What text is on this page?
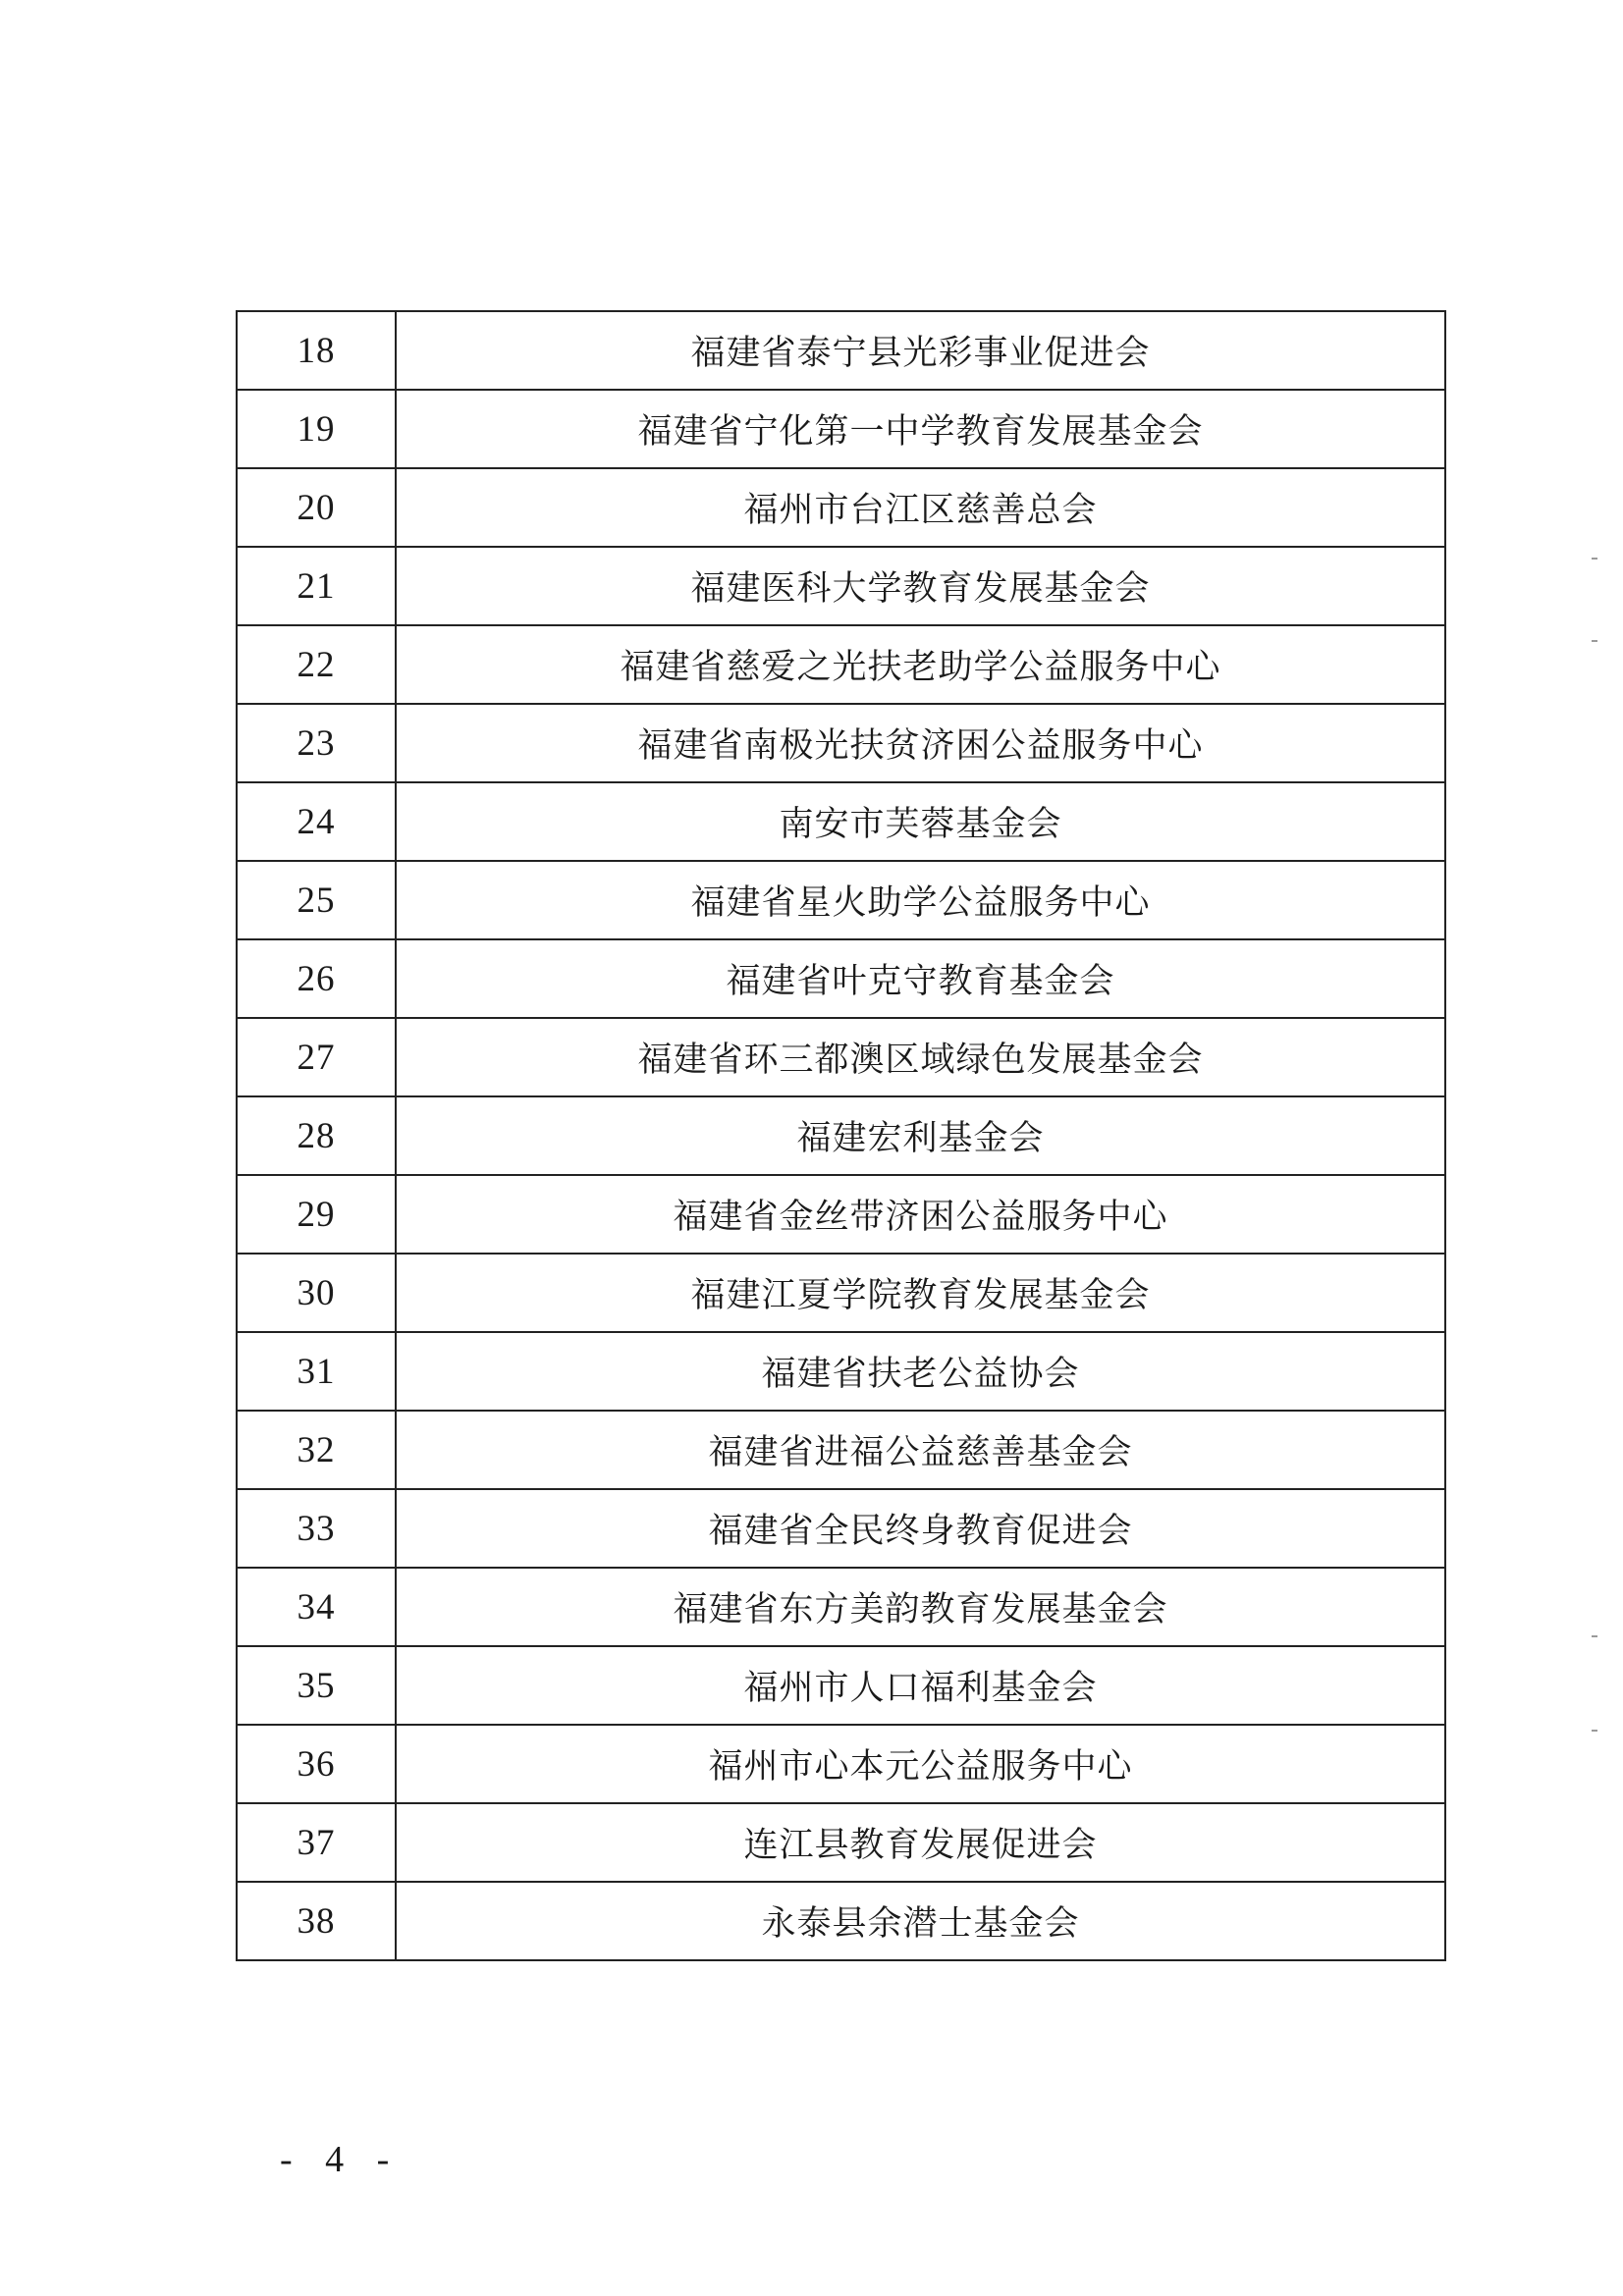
18	福建省泰宁县光彩事业促进会
19	福建省宁化第一中学教育发展基金会
20	福州市台江区慈善总会
21	福建医科大学教育发展基金会
22	福建省慈爱之光扶老助学公益服务中心
23	福建省南极光扶贫济困公益服务中心
24	南安市芙蓉基金会
25	福建省星火助学公益服务中心
26	福建省叶克守教育基金会
27	福建省环三都澳区域绿色发展基金会
28	福建宏利基金会
29	福建省金丝带济困公益服务中心
30	福建江夏学院教育发展基金会
31	福建省扶老公益协会
32	福建省进福公益慈善基金会
33	福建省全民终身教育促进会
34	福建省东方美韵教育发展基金会
35	福州市人口福利基金会
36	福州市心本元公益服务中心
37	连江县教育发展促进会
38	永泰县余潜士基金会
- 4 -
